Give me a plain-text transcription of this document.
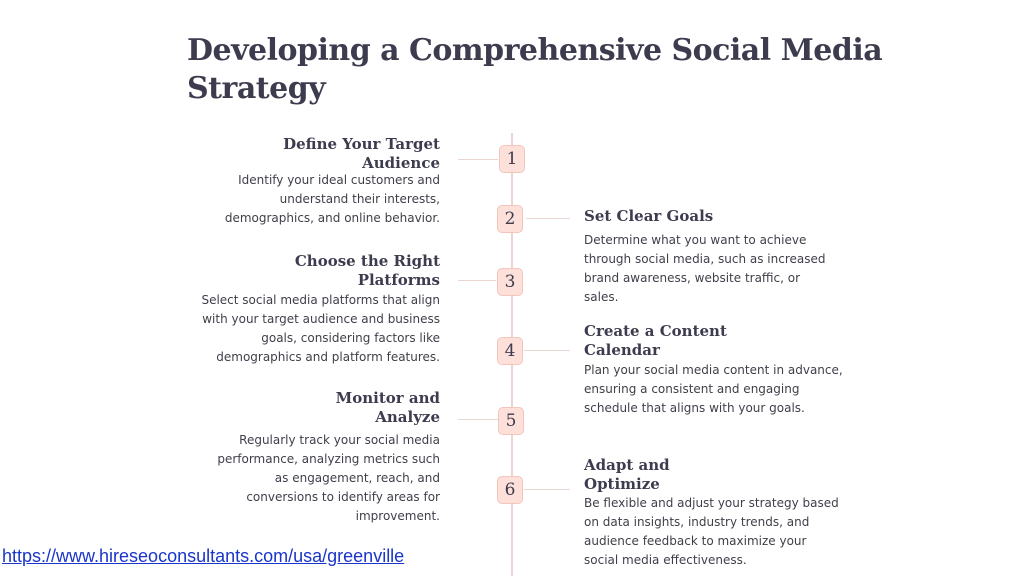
Developing a Comprehensive Social Media Strategy
1
Define Your Target Audience

Identify your ideal customers and understand their interests, demographics, and online behavior.	2	Set Clear Goals

Determine what you want to achieve through social media, such as increased brand awareness, website traffic, or sales.

3
Choose the Right Platforms

Select social media platforms that align with your target audience and business goals, considering factors like demographics and platform features.	4
Create a Content Calendar

Plan your social media content in advance, ensuring a consistent and engaging schedule that aligns with your goals.

5
Monitor and Analyze

Regularly track your social media performance, analyzing metrics such as engagement, reach, and conversions to identify areas for improvement.

6
Adapt and Optimize

Be flexible and adjust your strategy based on data insights, industry trends, and audience feedback to maximize your social media effectiveness.

https://www.hireseoconsultants.com/usa/greenville
